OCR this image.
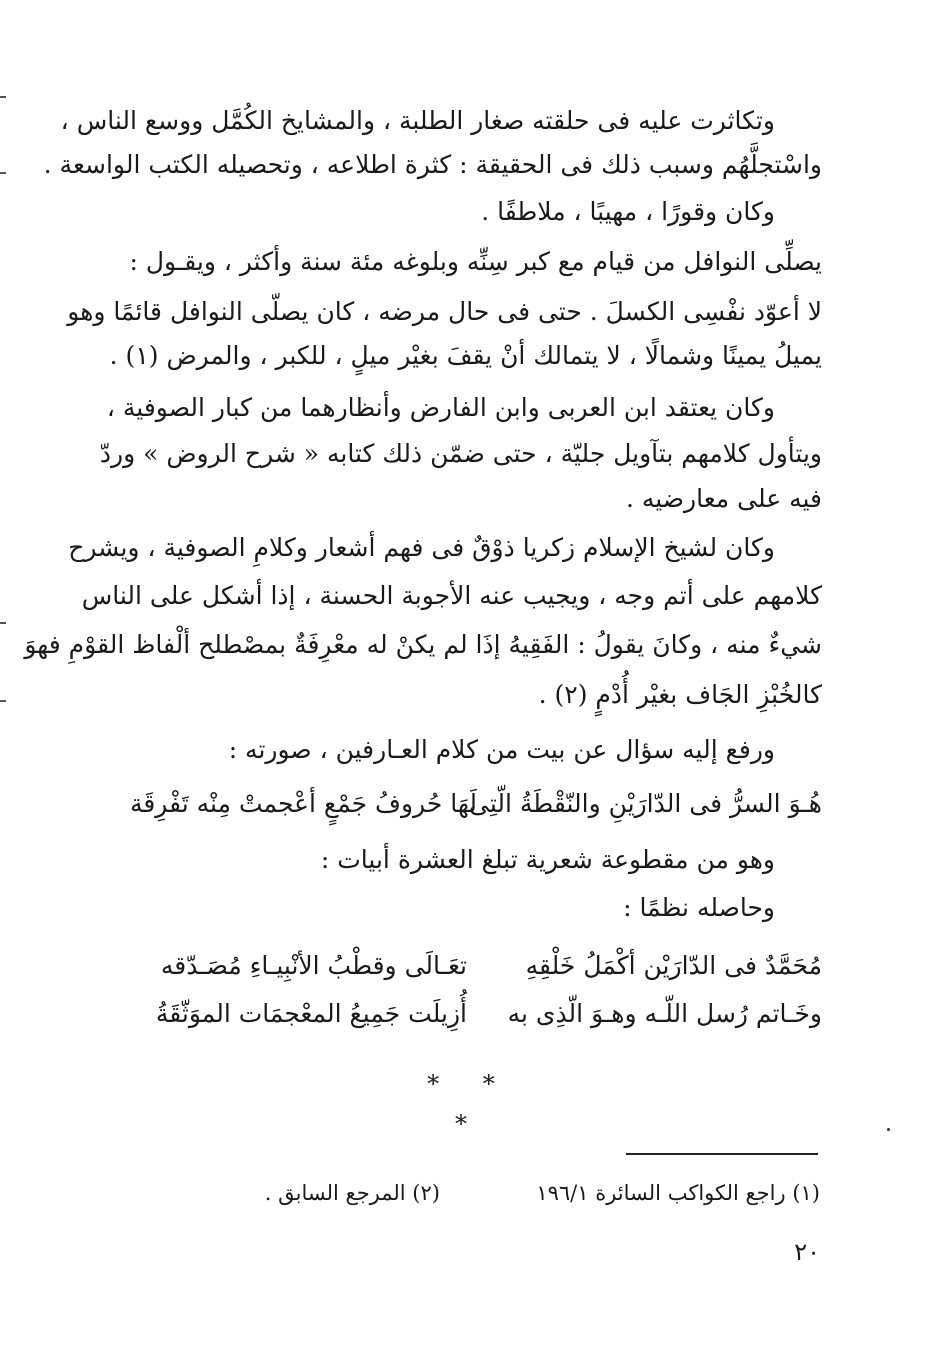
وتكاثرت عليه فى حلقته صغار الطلبة ، والمشايخ الكُمَّل ووسع الناس ،
واسْتجلَّهُم وسبب ذلك فى الحقيقة : كثرة اطلاعه ، وتحصيله الكتب الواسعة .
وكان وقورًا ، مهيبًا ، ملاطفًا .
يصلِّى النوافل من قيام مع كبر سِنِّه وبلوغه مئة سنة وأكثر ، ويقـول :
لا أعوّد نفْسِى الكسلَ . حتى فى حال مرضه ، كان يصلّى النوافل قائمًا وهو
يميلُ يمينًا وشمالًا ، لا يتمالك أنْ يقفَ بغيْر ميلٍ ، للكبر ، والمرض (١) .
وكان يعتقد ابن العربى وابن الفارض وأنظارهما من كبار الصوفية ،
ويتأول كلامهم بتآويل جليّة ، حتى ضمّن ذلك كتابه « شرح الروض » وردّ
فيه على معارضيه .
وكان لشيخ الإسلام زكريا ذوْقٌ فى فهم أشعار وكلامِ الصوفية ، ويشرح
كلامهم على أتم وجه ، ويجيب عنه الأجوبة الحسنة ، إذا أشكل على الناس
شيءٌ منه ، وكانَ يقولُ : الفَقِيهُ إذَا لم يكنْ له معْرِفَةٌ بمصْطلح ألْفاظ القوْمِ فهوَ
كالخُبْزِ الجَاف بغيْر أُدْمٍ (٢) .
ورفع إليه سؤال عن بيت من كلام العـارفين ، صورته :
هُـوَ السرُّ فى الدّارَيْنِ والنّقْطَةُ الّتِى
لَهَا حُروفُ جَمْعٍ أعْجمتْ مِنْه تَفْرِقَة
وهو من مقطوعة شعرية تبلغ العشرة أبيات :
وحاصله نظمًا :
مُحَمَّدٌ فى الدّارَيْن أكْمَلُ خَلْقِهِ
تعَـالَى وقطْبُ الأنْبِيـاءِ مُصَـدّقه
وخَـاتم رُسل اللّـه وهـوَ الّذِى به
أُزِيلَت جَمِيعُ المعْجمَات الموَثّقَةُ
* * *
(١) راجع الكواكب السائرة ١٩٦/١
(٢) المرجع السابق .
٢٠
